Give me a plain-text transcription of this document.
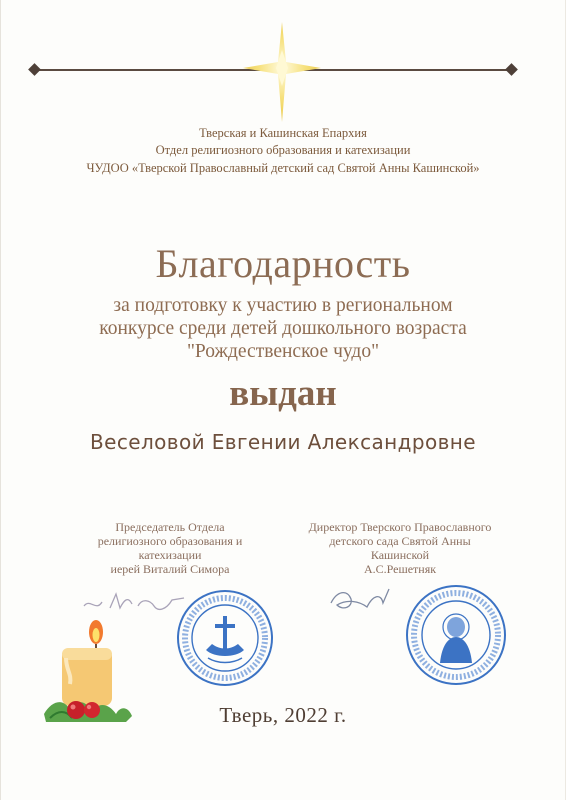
Тверская и Кашинская Епархия
Отдел религиозного образования и катехизации
ЧУДОО «Тверской Православный детский сад Святой Анны Кашинской»
Благодарность
за подготовку к участию в региональном
конкурсе среди детей дошкольного возраста
"Рождественское чудо"
выдан
Веселовой Евгении Александровне
Председатель Отдела
религиозного образования и
катехизации
иерей Виталий Симора
Директор Тверского Православного
детского сада Святой Анны
Кашинской
А.С.Решетняк
Тверь, 2022 г.
